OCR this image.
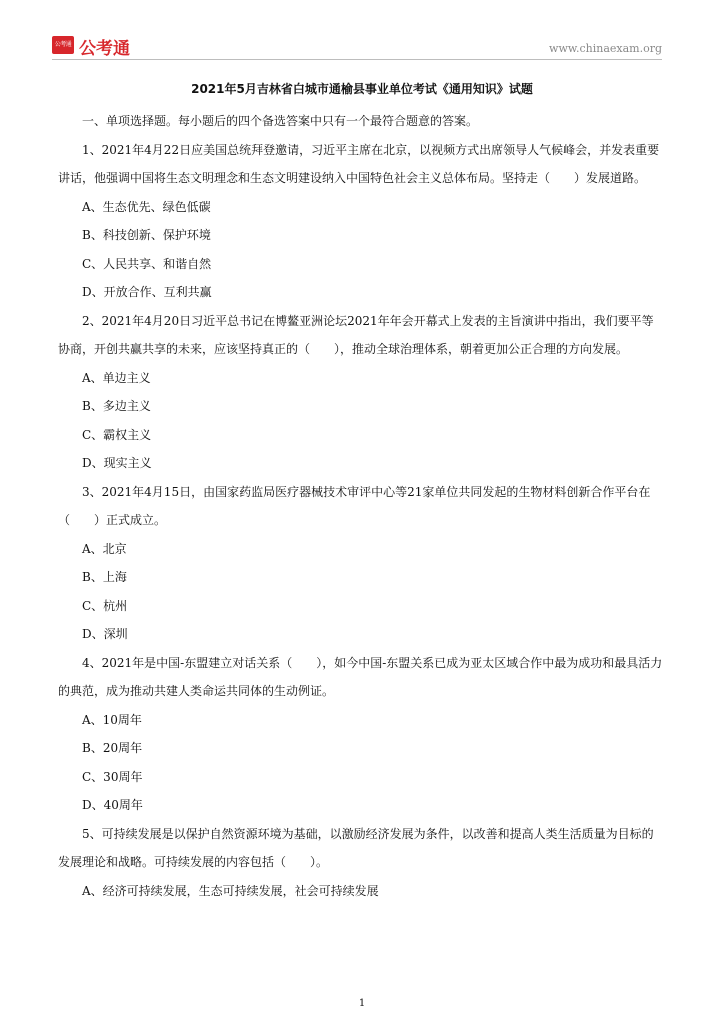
公考通 公考通	www.chinaexam.org
2021年5月吉林省白城市通榆县事业单位考试《通用知识》试题

一、单项选择题。每小题后的四个备选答案中只有一个最符合题意的答案。

1、2021年4月22日应美国总统拜登邀请，习近平主席在北京，以视频方式出席领导人气候峰会，并发表重要讲话，他强调中国将生态文明理念和生态文明建设纳入中国特色社会主义总体布局。坚持走（　　）发展道路。

A、生态优先、绿色低碳

B、科技创新、保护环境

C、人民共享、和谐自然

D、开放合作、互利共赢

2、2021年4月20日习近平总书记在博鳌亚洲论坛2021年年会开幕式上发表的主旨演讲中指出，我们要平等协商，开创共赢共享的未来，应该坚持真正的（　　），推动全球治理体系，朝着更加公正合理的方向发展。

A、单边主义

B、多边主义

C、霸权主义

D、现实主义

3、2021年4月15日，由国家药监局医疗器械技术审评中心等21家单位共同发起的生物材料创新合作平台在（　　）正式成立。

A、北京

B、上海

C、杭州

D、深圳

4、2021年是中国-东盟建立对话关系（　　），如今中国-东盟关系已成为亚太区域合作中最为成功和最具活力的典范，成为推动共建人类命运共同体的生动例证。

A、10周年

B、20周年

C、30周年

D、40周年

5、可持续发展是以保护自然资源环境为基础，以激励经济发展为条件，以改善和提高人类生活质量为目标的发展理论和战略。可持续发展的内容包括（　　）。

A、经济可持续发展，生态可持续发展，社会可持续发展

1
